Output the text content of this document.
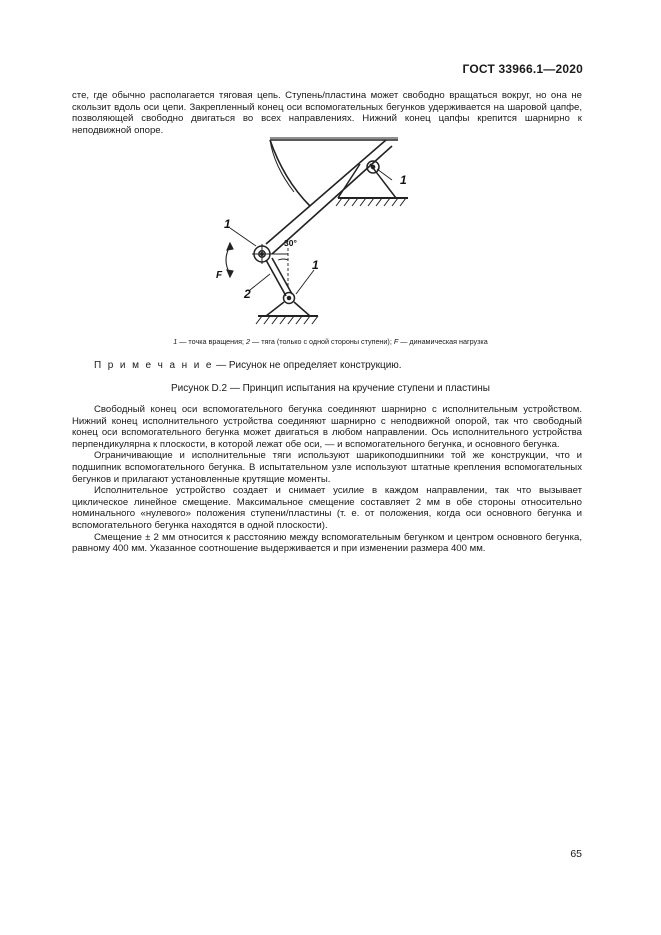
ГОСТ 33966.1—2020

сте, где обычно располагается тяговая цепь. Ступень/пластина может свободно вращаться вокруг, но она не скользит вдоль оси цепи. Закрепленный конец оси вспомогательных бегунков удерживается на шаровой цапфе, позволяющей свободно двигаться во всех направлениях. Нижний конец цапфы крепится шарнирно к неподвижной опоре.

1
1
1
2
F
30°
1 — точка вращения; 2 — тяга (только с одной стороны ступени); F — динамическая нагрузка
П р и м е ч а н и е — Рисунок не определяет конструкцию.
Рисунок D.2 — Принцип испытания на кручение ступени и пластины

Свободный конец оси вспомогательного бегунка соединяют шарнирно с исполнительным устройством. Нижний конец исполнительного устройства соединяют шарнирно с неподвижной опорой, так что свободный конец оси вспомогательного бегунка может двигаться в любом направлении. Ось исполнительного устройства перпендикулярна к плоскости, в которой лежат обе оси, — и вспомогательного бегунка, и основного бегунка.

Ограничивающие и исполнительные тяги используют шарикоподшипники той же конструкции, что и подшипник вспомогательного бегунка. В испытательном узле используют штатные крепления вспомогательных бегунков и прилагают установленные крутящие моменты.

Исполнительное устройство создает и снимает усилие в каждом направлении, так что вызывает циклическое линейное смещение. Максимальное смещение составляет 2 мм в обе стороны относительно номинального «нулевого» положения ступени/пластины (т. е. от положения, когда оси основного бегунка и вспомогательного бегунка находятся в одной плоскости).

Смещение ± 2 мм относится к расстоянию между вспомогательным бегунком и центром основного бегунка, равному 400 мм. Указанное соотношение выдерживается и при изменении размера 400 мм.

65
